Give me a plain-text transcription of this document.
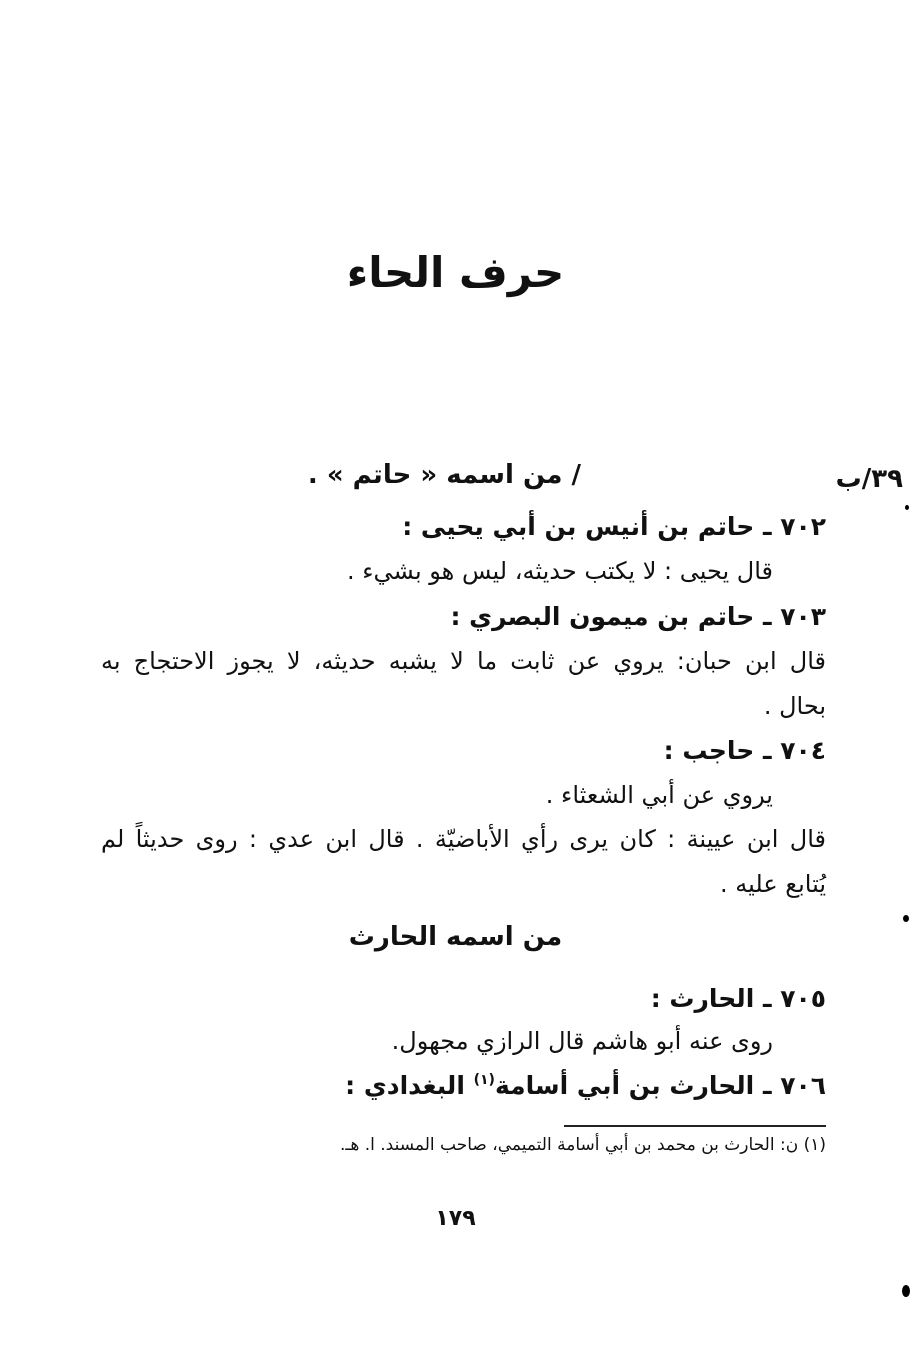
حرف الحاء
٣٩/ب
/ من اسمه « حاتم » .
٧٠٢ ـ حاتم بن أنيس بن أبي يحيى :
قال يحيى : لا يكتب حديثه، ليس هو بشيء .
٧٠٣ ـ حاتم بن ميمون البصري :
قال ابن حبان: يروي عن ثابت ما لا يشبه حديثه، لا يجوز الاحتجاج به
بحال .
٧٠٤ ـ حاجب :
يروي عن أبي الشعثاء .
قال ابن عيينة : كان يرى رأي الأباضيّة . قال ابن عدي : روى حديثاً لم
يُتابع عليه .
من اسمه الحارث
٧٠٥ ـ الحارث :
روى عنه أبو هاشم قال الرازي مجهول.
٧٠٦ ـ الحارث بن أبي أسامة$^{(١)}$ البغدادي :
(١) ن: الحارث بن محمد بن أبي أسامة التميمي، صاحب المسند. ا. هـ.
١٧٩
